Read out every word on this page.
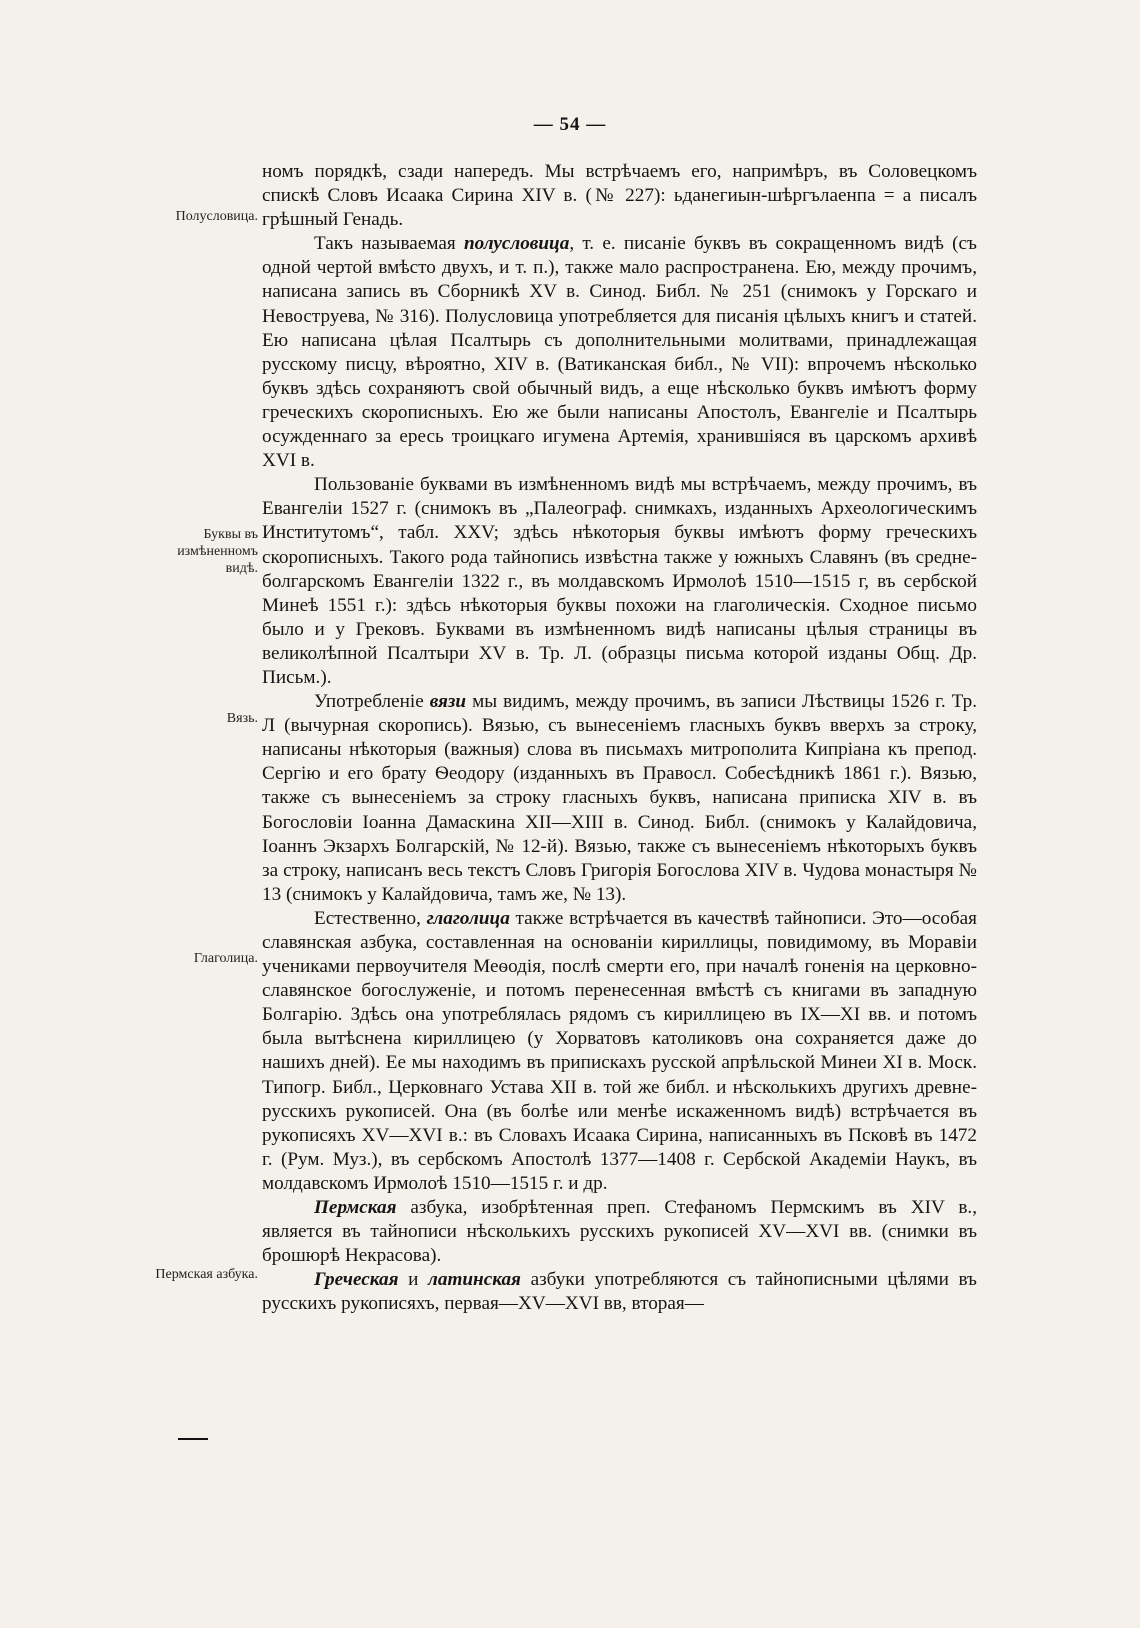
— 54 —

номъ порядкѣ, сзади напередъ. Мы встрѣчаемъ его, напримѣръ, въ Соловецкомъ спискѣ Словъ Исаака Сирина XIV в. (№ 227): ьданегиын-шѣргълаенпа = а писалъ грѣшный Генадь.

Такъ называемая полусловица, т. е. писаніе буквъ въ сокращенномъ видѣ (съ одной чертой вмѣсто двухъ, и т. п.), также мало распространена. Ею, между прочимъ, написана запись въ Сборникѣ XV в. Синод. Библ. № 251 (снимокъ у Горскаго и Невоструева, № 316). Полусловица употребляется для писанія цѣлыхъ книгъ и статей. Ею написана цѣлая Псалтырь съ дополнительными молитвами, принадлежащая русскому писцу, вѣроятно, XIV в. (Ватиканская библ., № VII): впрочемъ нѣсколько буквъ здѣсь сохраняютъ свой обычный видъ, а еще нѣсколько буквъ имѣютъ форму греческихъ скорописныхъ. Ею же были написаны Апостолъ, Евангеліе и Псалтырь осужденнаго за ересь троицкаго игумена Артемія, хранившіяся въ царскомъ архивѣ XVI в.

Пользованіе буквами въ измѣненномъ видѣ мы встрѣчаемъ, между прочимъ, въ Евангеліи 1527 г. (снимокъ въ „Палеограф. снимкахъ, изданныхъ Археологическимъ Институтомъ“, табл. XXV; здѣсь нѣкоторыя буквы имѣютъ форму греческихъ скорописныхъ. Такого рода тайнопись извѣстна также у южныхъ Славянъ (въ средне-болгарскомъ Евангеліи 1322 г., въ молдавскомъ Ирмолоѣ 1510—1515 г, въ сербской Минеѣ 1551 г.): здѣсь нѣкоторыя буквы похожи на глаголическія. Сходное письмо было и у Грековъ. Буквами въ измѣненномъ видѣ написаны цѣлыя страницы въ великолѣпной Псалтыри XV в. Тр. Л. (образцы письма которой изданы Общ. Др. Письм.).

Употребленіе вязи мы видимъ, между прочимъ, въ записи Лѣствицы 1526 г. Тр. Л (вычурная скоропись). Вязью, съ вынесеніемъ гласныхъ буквъ вверхъ за строку, написаны нѣкоторыя (важныя) слова въ письмахъ митрополита Кипріана къ препод. Сергію и его брату Ѳеодору (изданныхъ въ Правосл. Собесѣдникѣ 1861 г.). Вязью, также съ вынесеніемъ за строку гласныхъ буквъ, написана приписка XIV в. въ Богословіи Іоанна Дамаскина XII—XIII в. Синод. Библ. (снимокъ у Калайдовича, Іоаннъ Экзархъ Болгарскій, № 12-й). Вязью, также съ вынесеніемъ нѣкоторыхъ буквъ за строку, написанъ весь текстъ Словъ Григорія Богослова XIV в. Чудова монастыря № 13 (снимокъ у Калайдовича, тамъ же, № 13).

Естественно, глаголица также встрѣчается въ качествѣ тайнописи. Это—особая славянская азбука, составленная на основаніи кириллицы, повидимому, въ Моравіи учениками первоучителя Меѳодія, послѣ смерти его, при началѣ гоненія на церковно-славянское богослуженіе, и потомъ перенесенная вмѣстѣ съ книгами въ западную Болгарію. Здѣсь она употреблялась рядомъ съ кириллицею въ IX—XI вв. и потомъ была вытѣснена кириллицею (у Хорватовъ католиковъ она сохраняется даже до нашихъ дней). Ее мы находимъ въ припискахъ русской апрѣльской Минеи XI в. Моск. Типогр. Библ., Церковнаго Устава XII в. той же библ. и нѣсколькихъ другихъ древне-русскихъ рукописей. Она (въ болѣе или менѣе искаженномъ видѣ) встрѣчается въ рукописяхъ XV—XVI в.: въ Словахъ Исаака Сирина, написанныхъ въ Псковѣ въ 1472 г. (Рум. Муз.), въ сербскомъ Апостолѣ 1377—1408 г. Сербской Академіи Наукъ, въ молдавскомъ Ирмолоѣ 1510—1515 г. и др.

Пермская азбука, изобрѣтенная преп. Стефаномъ Пермскимъ въ XIV в., является въ тайнописи нѣсколькихъ русскихъ рукописей XV—XVI вв. (снимки въ брошюрѣ Некрасова).

Греческая и латинская азбуки употребляются съ тайнописными цѣлями въ русскихъ рукописяхъ, первая—XV—XVI вв, вторая—

Полусловица.
Буквы въ измѣненномъ видѣ.
Вязь.
Глаголица.
Пермская азбука.
